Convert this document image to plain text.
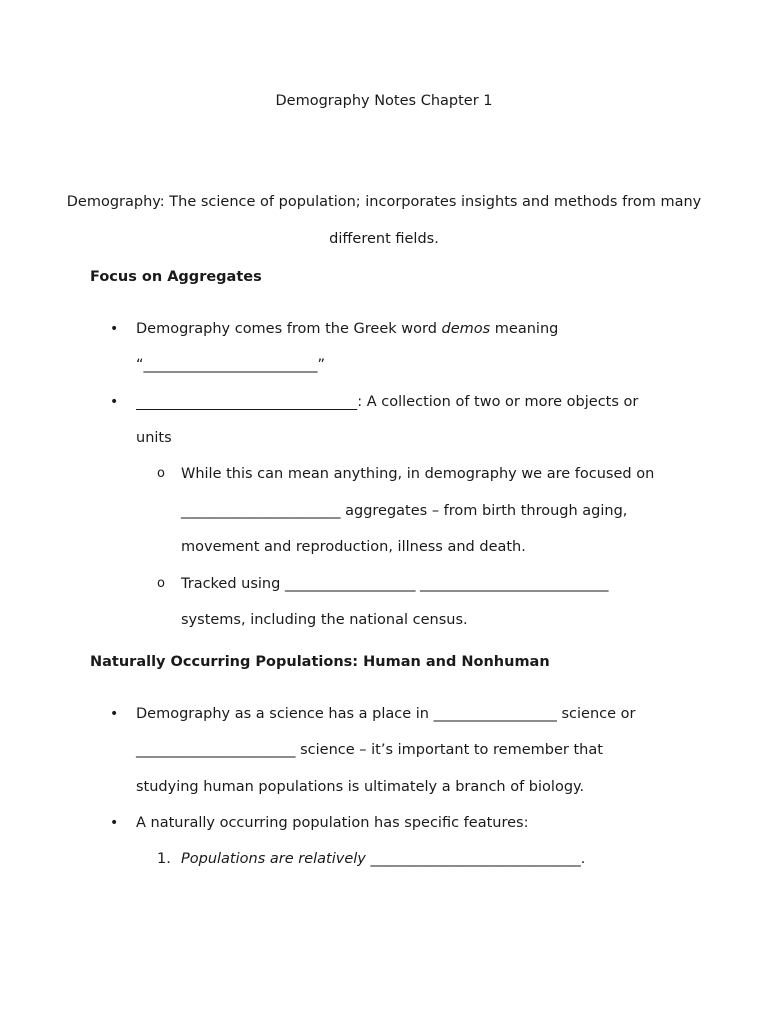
Demography Notes Chapter 1
Demography: The science of population; incorporates insights and methods from many different fields.
Focus on Aggregates
• Demography comes from the Greek word demos meaning
“________________________”
•	: A collection of two or more objects or units
o While this can mean anything, in demography we are focused on
______________________ aggregates – from birth through aging, movement and reproduction, illness and death.
o Tracked using __________________ __________________________
systems, including the national census.
Naturally Occurring Populations: Human and Nonhuman
• Demography as a science has a place in _________________ science or ______________________ science – it’s important to remember that studying human populations is ultimately a branch of biology.
• A naturally occurring population has specific features:
1. Populations are relatively _____________________________.
